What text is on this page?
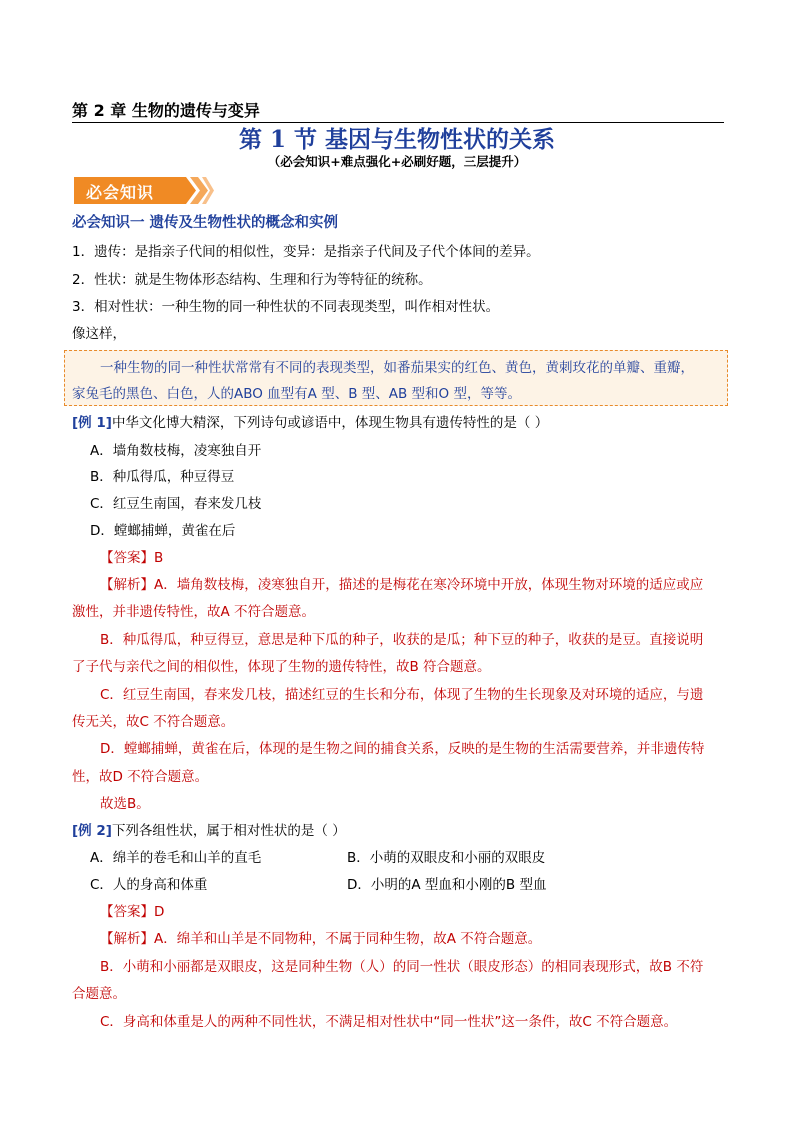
第 2 章 生物的遗传与变异
第 1 节 基因与生物性状的关系
（必会知识+难点强化+必刷好题，三层提升）
必会知识
必会知识一 遗传及生物性状的概念和实例
1．遗传：是指亲子代间的相似性，变异：是指亲子代间及子代个体间的差异。
2．性状：就是生物体形态结构、生理和行为等特征的统称。
3．相对性状：一种生物的同一种性状的不同表现类型，叫作相对性状。
像这样，
一种生物的同一种性状常常有不同的表现类型，如番茄果实的红色、黄色，黄刺玫花的单瓣、重瓣，
家兔毛的黑色、白色，人的ABO 血型有A 型、B 型、AB 型和O 型，等等。
[例 1]中华文化博大精深，下列诗句或谚语中，体现生物具有遗传特性的是（ ）
A．墙角数枝梅，凌寒独自开
B．种瓜得瓜，种豆得豆
C．红豆生南国，春来发几枝
D．螳螂捕蝉，黄雀在后
【答案】B
【解析】A．墙角数枝梅，凌寒独自开，描述的是梅花在寒冷环境中开放，体现生物对环境的适应或应
激性，并非遗传特性，故A 不符合题意。
B．种瓜得瓜，种豆得豆，意思是种下瓜的种子，收获的是瓜；种下豆的种子，收获的是豆。直接说明
了子代与亲代之间的相似性，体现了生物的遗传特性，故B 符合题意。
C．红豆生南国，春来发几枝，描述红豆的生长和分布，体现了生物的生长现象及对环境的适应，与遗
传无关，故C 不符合题意。
D．螳螂捕蝉，黄雀在后，体现的是生物之间的捕食关系，反映的是生物的生活需要营养，并非遗传特
性，故D 不符合题意。
故选B。
[例 2]下列各组性状，属于相对性状的是（ ）
A．绵羊的卷毛和山羊的直毛	B．小萌的双眼皮和小丽的双眼皮
C．人的身高和体重	D．小明的A 型血和小刚的B 型血
【答案】D
【解析】A．绵羊和山羊是不同物种，不属于同种生物，故A 不符合题意。
B．小萌和小丽都是双眼皮，这是同种生物（人）的同一性状（眼皮形态）的相同表现形式，故B 不符
合题意。
C．身高和体重是人的两种不同性状，不满足相对性状中“同一性状”这一条件，故C 不符合题意。
